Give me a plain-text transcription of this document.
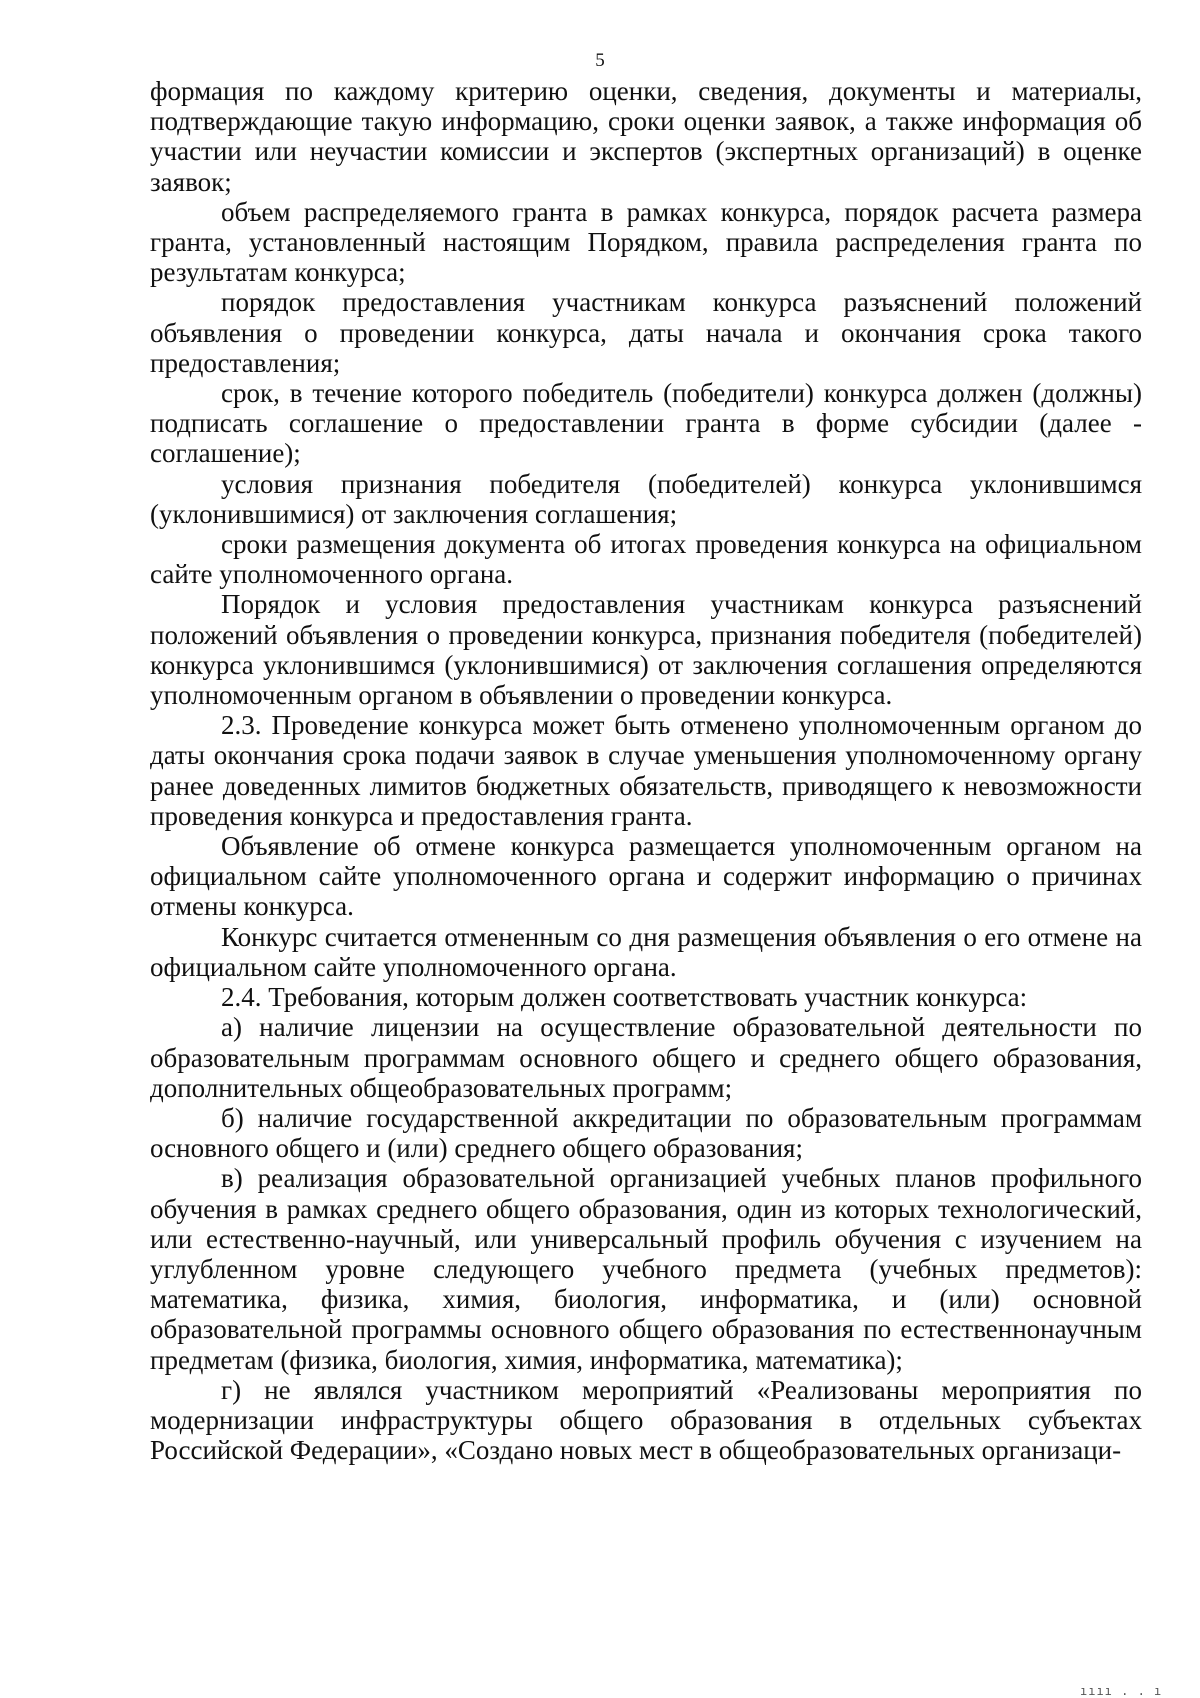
5

формация по каждому критерию оценки, сведения, документы и материалы, подтверждающие такую информацию, сроки оценки заявок, а также информация об участии или неучастии комиссии и экспертов (экспертных организаций) в оценке заявок;

объем распределяемого гранта в рамках конкурса, порядок расчета размера гранта, установленный настоящим Порядком, правила распределения гранта по результатам конкурса;

порядок предоставления участникам конкурса разъяснений положений объявления о проведении конкурса, даты начала и окончания срока такого предоставления;

срок, в течение которого победитель (победители) конкурса должен (должны) подписать соглашение о предоставлении гранта в форме субсидии (далее - соглашение);

условия признания победителя (победителей) конкурса уклонившимся (уклонившимися) от заключения соглашения;

сроки размещения документа об итогах проведения конкурса на официальном сайте уполномоченного органа.

Порядок и условия предоставления участникам конкурса разъяснений положений объявления о проведении конкурса, признания победителя (победителей) конкурса уклонившимся (уклонившимися) от заключения соглашения определяются уполномоченным органом в объявлении о проведении конкурса.

2.3. Проведение конкурса может быть отменено уполномоченным органом до даты окончания срока подачи заявок в случае уменьшения уполномоченному органу ранее доведенных лимитов бюджетных обязательств, приводящего к невозможности проведения конкурса и предоставления гранта.

Объявление об отмене конкурса размещается уполномоченным органом на официальном сайте уполномоченного органа и содержит информацию о причинах отмены конкурса.

Конкурс считается отмененным со дня размещения объявления о его отмене на официальном сайте уполномоченного органа.

2.4. Требования, которым должен соответствовать участник конкурса:

а) наличие лицензии на осуществление образовательной деятельности по образовательным программам основного общего и среднего общего образования, дополнительных общеобразовательных программ;

б) наличие государственной аккредитации по образовательным программам основного общего и (или) среднего общего образования;

в) реализация образовательной организацией учебных планов профильного обучения в рамках среднего общего образования, один из которых технологический, или естественно-научный, или универсальный профиль обучения с изучением на углубленном уровне следующего учебного предмета (учебных предметов): математика, физика, химия, биология, информатика, и (или) основной образовательной программы основного общего образования по естественнонаучным предметам (физика, биология, химия, информатика, математика);

г) не являлся участником мероприятий «Реализованы мероприятия по модернизации инфраструктуры общего образования в отдельных субъектах Российской Федерации», «Создано новых мест в общеобразовательных организаци-

ıııı . . ı
